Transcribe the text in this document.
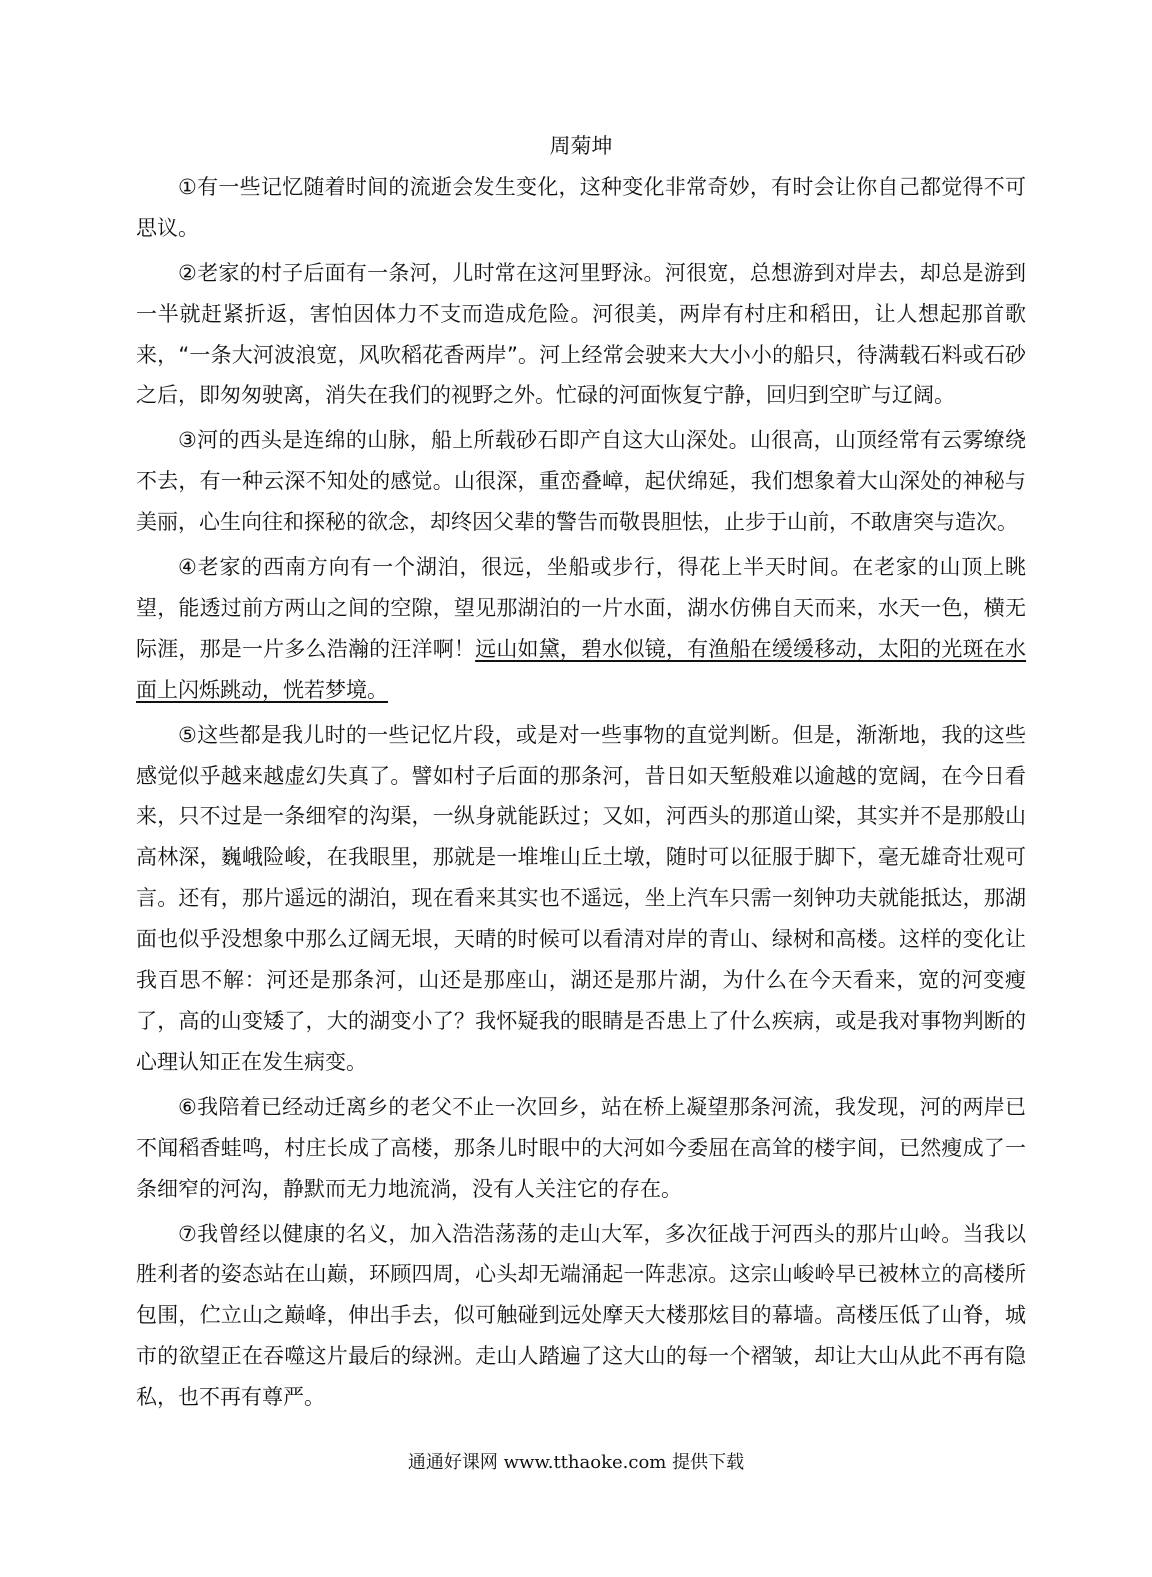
周菊坤

①有一些记忆随着时间的流逝会发生变化，这种变化非常奇妙，有时会让你自己都觉得不可思议。

②老家的村子后面有一条河，儿时常在这河里野泳。河很宽，总想游到对岸去，却总是游到一半就赶紧折返，害怕因体力不支而造成危险。河很美，两岸有村庄和稻田，让人想起那首歌来，“一条大河波浪宽，风吹稻花香两岸”。河上经常会驶来大大小小的船只，待满载石料或石砂之后，即匆匆驶离，消失在我们的视野之外。忙碌的河面恢复宁静，回归到空旷与辽阔。

③河的西头是连绵的山脉，船上所载砂石即产自这大山深处。山很高，山顶经常有云雾缭绕不去，有一种云深不知处的感觉。山很深，重峦叠嶂，起伏绵延，我们想象着大山深处的神秘与美丽，心生向往和探秘的欲念，却终因父辈的警告而敬畏胆怯，止步于山前，不敢唐突与造次。

④老家的西南方向有一个湖泊，很远，坐船或步行，得花上半天时间。在老家的山顶上眺望，能透过前方两山之间的空隙，望见那湖泊的一片水面，湖水仿佛自天而来，水天一色，横无际涯，那是一片多么浩瀚的汪洋啊！远山如黛，碧水似镜，有渔船在缓缓移动，太阳的光斑在水面上闪烁跳动，恍若梦境。

⑤这些都是我儿时的一些记忆片段，或是对一些事物的直觉判断。但是，渐渐地，我的这些感觉似乎越来越虚幻失真了。譬如村子后面的那条河，昔日如天堑般难以逾越的宽阔，在今日看来，只不过是一条细窄的沟渠，一纵身就能跃过；又如，河西头的那道山梁，其实并不是那般山高林深，巍峨险峻，在我眼里，那就是一堆堆山丘土墩，随时可以征服于脚下，毫无雄奇壮观可言。还有，那片遥远的湖泊，现在看来其实也不遥远，坐上汽车只需一刻钟功夫就能抵达，那湖面也似乎没想象中那么辽阔无垠，天晴的时候可以看清对岸的青山、绿树和高楼。这样的变化让我百思不解：河还是那条河，山还是那座山，湖还是那片湖，为什么在今天看来，宽的河变瘦了，高的山变矮了，大的湖变小了？我怀疑我的眼睛是否患上了什么疾病，或是我对事物判断的心理认知正在发生病变。

⑥我陪着已经动迁离乡的老父不止一次回乡，站在桥上凝望那条河流，我发现，河的两岸已不闻稻香蛙鸣，村庄长成了高楼，那条儿时眼中的大河如今委屈在高耸的楼宇间，已然瘦成了一条细窄的河沟，静默而无力地流淌，没有人关注它的存在。

⑦我曾经以健康的名义，加入浩浩荡荡的走山大军，多次征战于河西头的那片山岭。当我以胜利者的姿态站在山巅，环顾四周，心头却无端涌起一阵悲凉。这宗山峻岭早已被林立的高楼所包围，伫立山之巅峰，伸出手去，似可触碰到远处摩天大楼那炫目的幕墙。高楼压低了山脊，城市的欲望正在吞噬这片最后的绿洲。走山人踏遍了这大山的每一个褶皱，却让大山从此不再有隐私，也不再有尊严。

通通好课网 www.tthaoke.com 提供下载
